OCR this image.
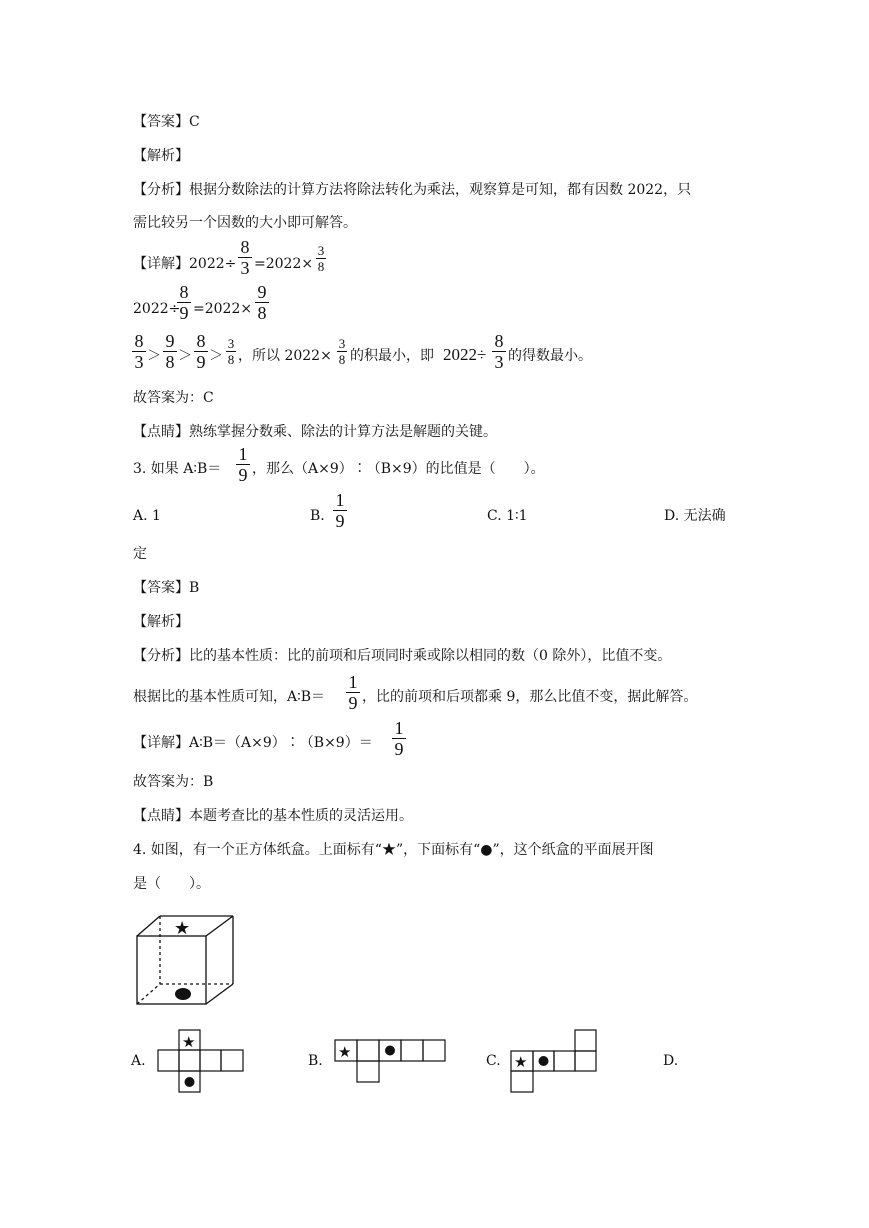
【答案】C
【解析】
【分析】根据分数除法的计算方法将除法转化为乘法，观察算是可知，都有因数 2022，只
需比较另一个因数的大小即可解答。
【详解】2022÷
8
3 =2022×
3
8
2022÷
8
9 =2022×
9
8
8
3 ＞
9
8 ＞
8
9 ＞
3
8 ，所以 2022×
3
8 的积最小，即 2022÷
8
3 的得数最小。
故答案为：C
【点睛】熟练掌握分数乘、除法的计算方法是解题的关键。
3. 如果 A∶B＝
1
9 ，那么（A×9）∶（B×9）的比值是（　　）。
A. 1	B.
1
9	C. 1∶1	D. 无法确
定
【答案】B
【解析】
【分析】比的基本性质：比的前项和后项同时乘或除以相同的数（0 除外），比值不变。
根据比的基本性质可知，A∶B＝
1
9 ，比的前项和后项都乘 9，那么比值不变，据此解答。
【详解】A∶B＝（A×9）∶（B×9）＝
1
9
故答案为：B
【点睛】本题考查比的基本性质的灵活运用。
4. 如图，有一个正方体纸盒。上面标有“★”，下面标有“●”，这个纸盒的平面展开图
是（　　）。
★
A.	B.	C.	D.
★
★
★
